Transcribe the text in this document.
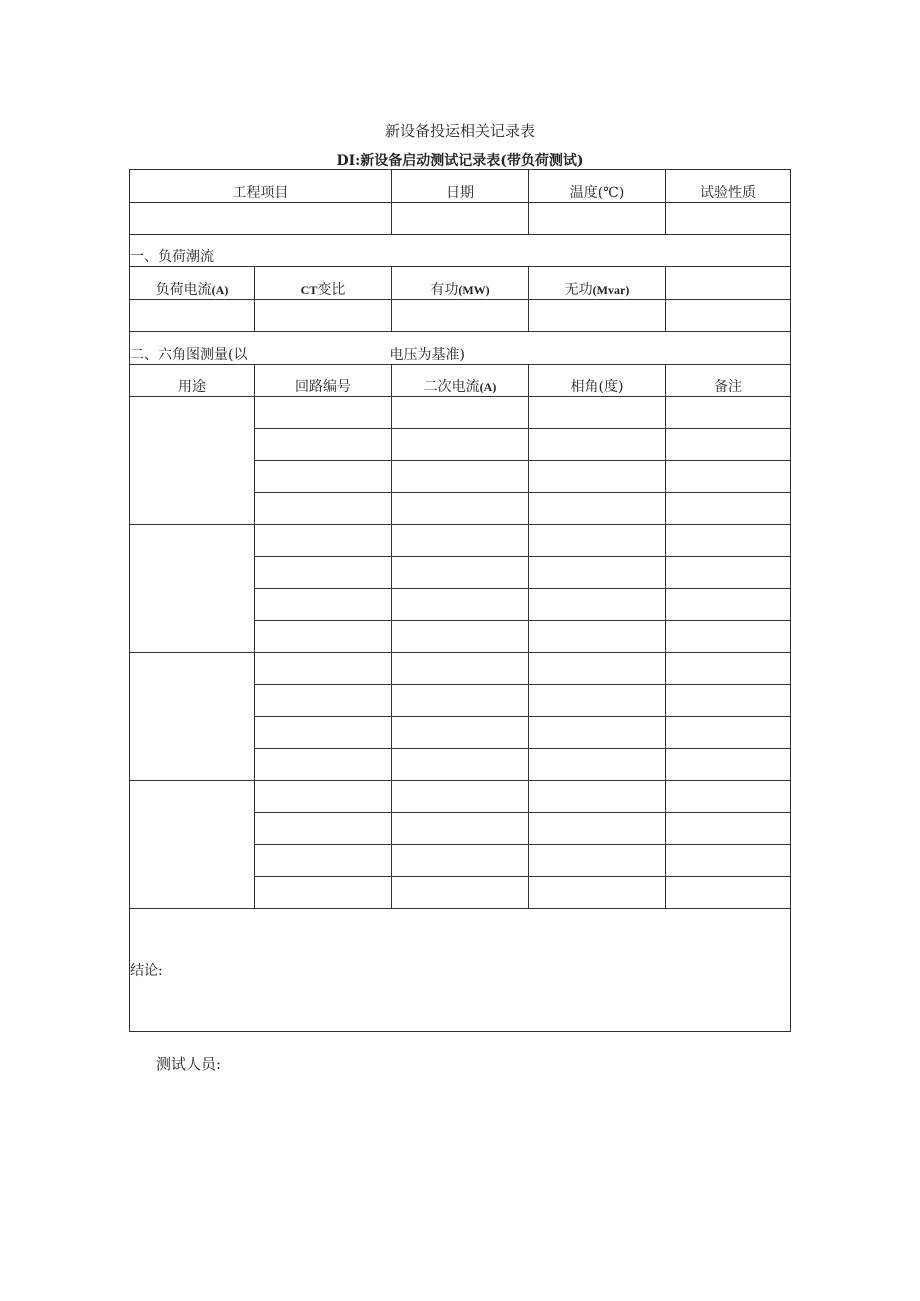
新设备投运相关记录表
DI:新设备启动测试记录表(带负荷测试)
工程项目		日期	温度(℃)	试验性质

一、负荷潮流				
负荷电流(A)	CT变比	有功(MW)	无功(Mvar)	

二、六角图测量(以 电压为基准)				
用途	回路编号	二次电流(A)	相角(度)	备注

结论:				
测试人员:
